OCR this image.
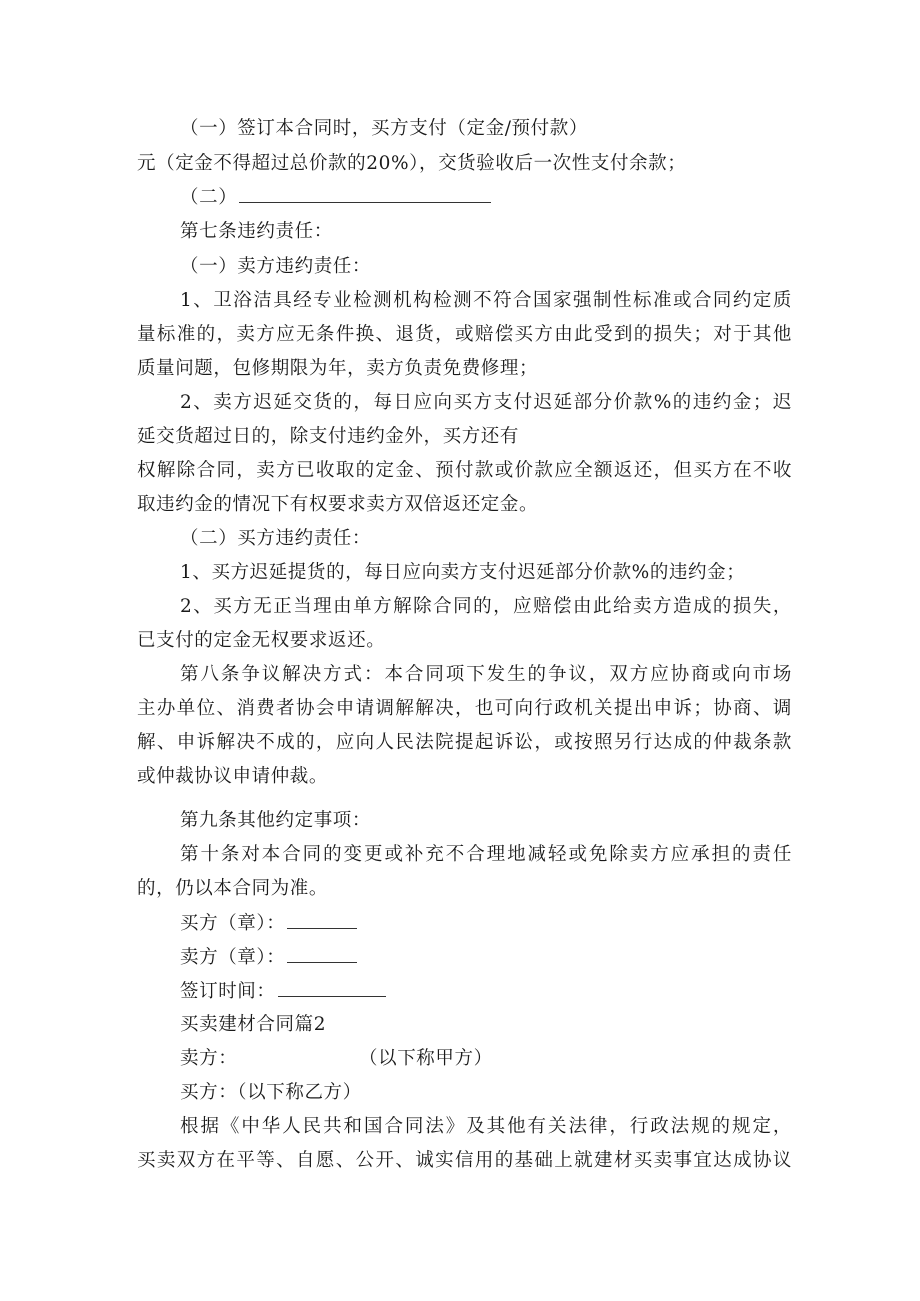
（一）签订本合同时，买方支付（定金/预付款）
元（定金不得超过总价款的20%），交货验收后一次性支付余款；
（二）
第七条违约责任：
（一）卖方违约责任：
1、卫浴洁具经专业检测机构检测不符合国家强制性标准或合同约定质
量标准的，卖方应无条件换、退货，或赔偿买方由此受到的损失；对于其他
质量问题，包修期限为年，卖方负责免费修理；
2、卖方迟延交货的，每日应向买方支付迟延部分价款%的违约金；迟
延交货超过日的，除支付违约金外，买方还有
权解除合同，卖方已收取的定金、预付款或价款应全额返还，但买方在不收
取违约金的情况下有权要求卖方双倍返还定金。
（二）买方违约责任：
1、买方迟延提货的，每日应向卖方支付迟延部分价款%的违约金；
2、买方无正当理由单方解除合同的，应赔偿由此给卖方造成的损失，
已支付的定金无权要求返还。
第八条争议解决方式：本合同项下发生的争议，双方应协商或向市场
主办单位、消费者协会申请调解解决，也可向行政机关提出申诉；协商、调
解、申诉解决不成的，应向人民法院提起诉讼，或按照另行达成的仲裁条款
或仲裁协议申请仲裁。
第九条其他约定事项：
第十条对本合同的变更或补充不合理地减轻或免除卖方应承担的责任
的，仍以本合同为准。
买方（章）：
卖方（章）：
签订时间：
买卖建材合同篇2
卖方：	（以下称甲方）
买方：（以下称乙方）
根据《中华人民共和国合同法》及其他有关法律，行政法规的规定，
买卖双方在平等、自愿、公开、诚实信用的基础上就建材买卖事宜达成协议
